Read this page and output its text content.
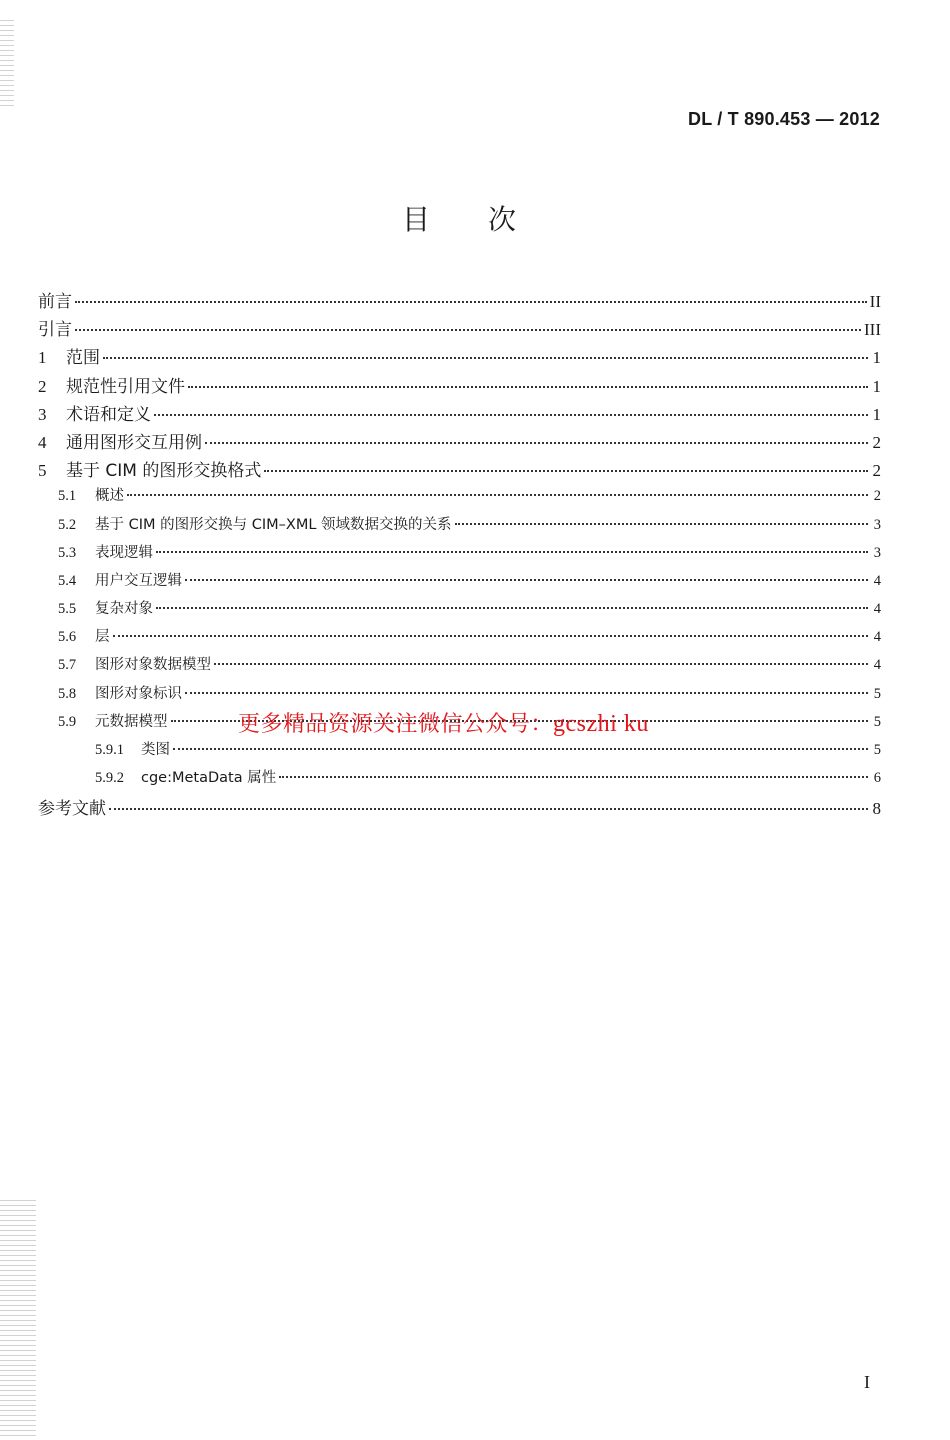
DL / T 890.453 — 2012
目 次
前言	II
引言	III
1	范围	1
2	规范性引用文件	1
3	术语和定义	1
4	通用图形交互用例	2
5	基于 CIM 的图形交换格式	2
5.1	概述	2
5.2	基于 CIM 的图形交换与 CIM–XML 领域数据交换的关系	3
5.3	表现逻辑	3
5.4	用户交互逻辑	4
5.5	复杂对象	4
5.6	层	4
5.7	图形对象数据模型	4
5.8	图形对象标识	5
5.9	元数据模型	5
5.9.1	类图	5
5.9.2	cge:MetaData 属性	6
参考文献	8
更多精品资源关注微信公众号：gcszhi ku
I
